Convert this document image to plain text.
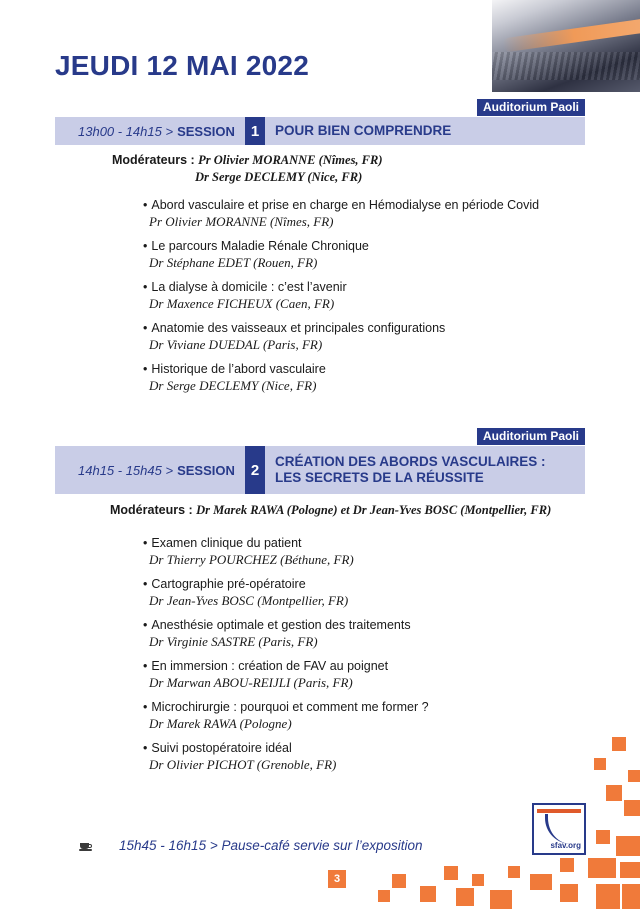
JEUDI 12 MAI 2022
Auditorium Paoli
13h00 - 14h15 > SESSION	1	POUR BIEN COMPRENDRE
Modérateurs : Pr Olivier MORANNE (Nîmes, FR)
Dr Serge DECLEMY (Nice, FR)
• Abord vasculaire et prise en charge en Hémodialyse en période Covid
Pr Olivier MORANNE (Nîmes, FR)
• Le parcours Maladie Rénale Chronique
Dr Stéphane EDET (Rouen, FR)
• La dialyse à domicile : c’est l’avenir
Dr Maxence FICHEUX (Caen, FR)
• Anatomie des vaisseaux et principales configurations
Dr Viviane DUEDAL (Paris, FR)
• Historique de l’abord vasculaire
Dr Serge DECLEMY (Nice, FR)
Auditorium Paoli
14h15 - 15h45 > SESSION	2	CRÉATION DES ABORDS VASCULAIRES :
LES SECRETS DE LA RÉUSSITE
Modérateurs : Dr Marek RAWA (Pologne) et Dr Jean-Yves BOSC (Montpellier, FR)
• Examen clinique du patient
Dr Thierry POURCHEZ (Béthune, FR)
• Cartographie pré-opératoire
Dr Jean-Yves BOSC (Montpellier, FR)
• Anesthésie optimale et gestion des traitements
Dr Virginie SASTRE (Paris, FR)
• En immersion : création de FAV au poignet
Dr Marwan ABOU-REIJLI (Paris, FR)
• Microchirurgie : pourquoi et comment me former ?
Dr Marek RAWA (Pologne)
• Suivi postopératoire idéal
Dr Olivier PICHOT (Grenoble, FR)
15h45 - 16h15 > Pause-café servie sur l’exposition	sfav.org
3
